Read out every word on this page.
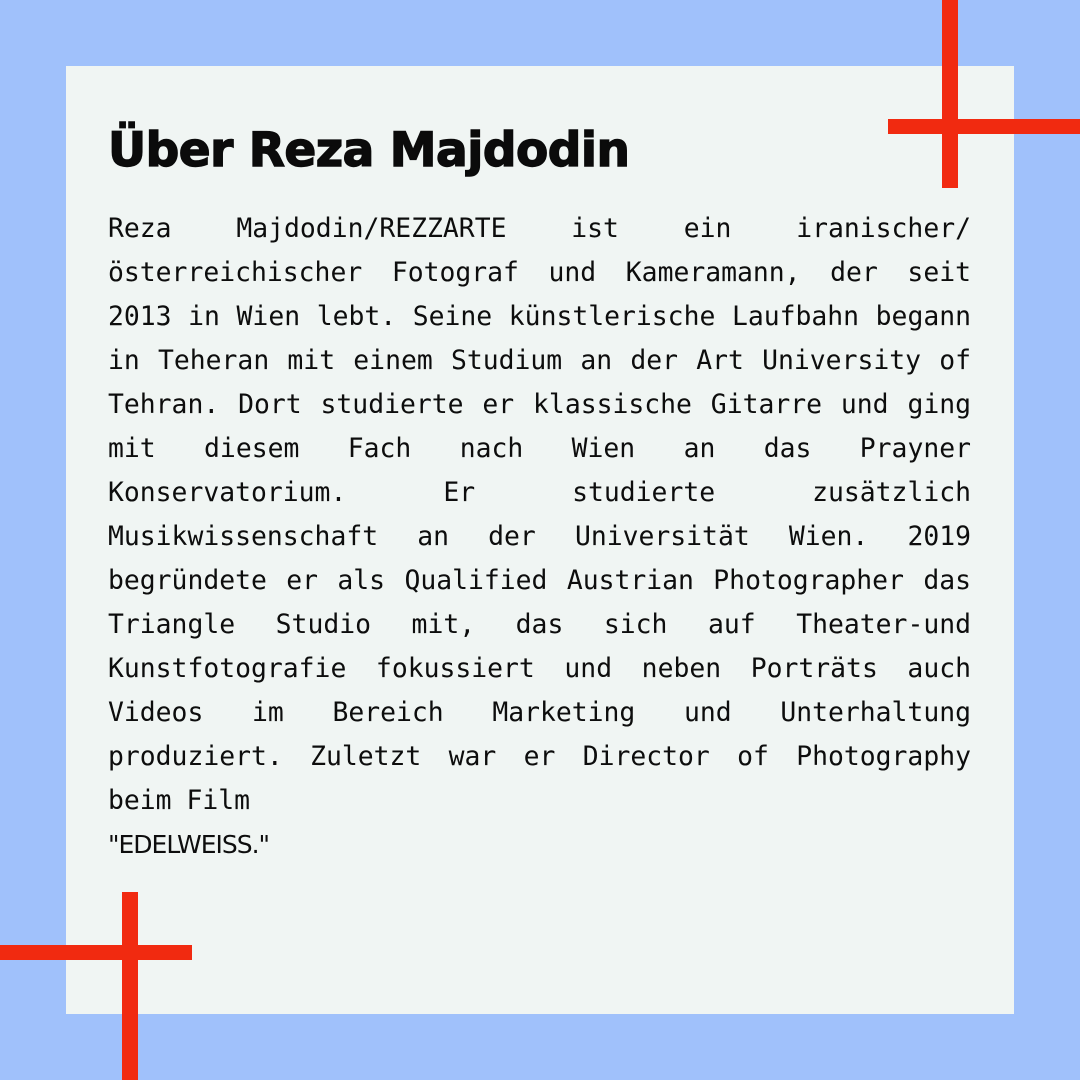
Über Reza Majdodin

Reza Majdodin/REZZARTE ist ein iranischer/ österreichischer Fotograf und Kameramann, der seit 2013 in Wien lebt. Seine künstlerische Laufbahn begann in Teheran mit einem Studium an der Art University of Tehran. Dort studierte er klassische Gitarre und ging mit diesem Fach nach Wien an das Prayner Konservatorium. Er studierte zusätzlich Musikwissenschaft an der Universität Wien. 2019 begründete er als Qualified Austrian Photographer das Triangle Studio mit, das sich auf Theater-und Kunstfotografie fokussiert und neben Porträts auch Videos im Bereich Marketing und Unterhaltung produziert. Zuletzt war er Director of Photography beim Film

"EDELWEISS."
